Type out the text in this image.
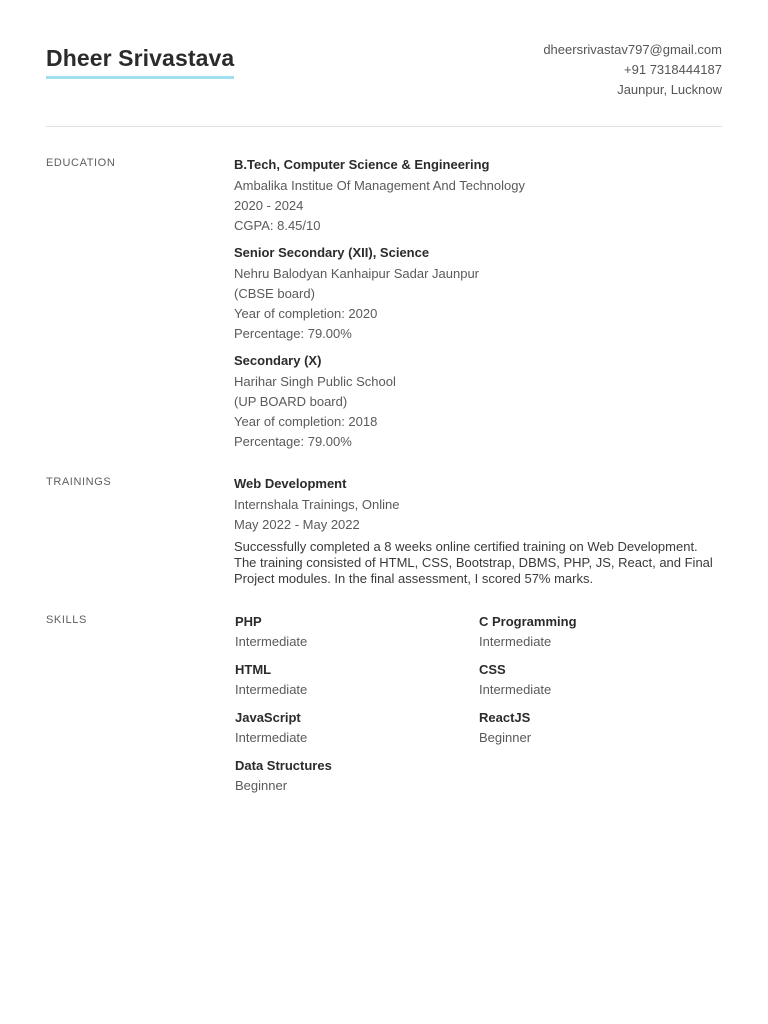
Dheer Srivastava	dheersrivastav797@gmail.com
+91 7318444187
Jaunpur, Lucknow
EDUCATION	B.Tech, Computer Science & Engineering
Ambalika Institue Of Management And Technology
2020 - 2024
CGPA: 8.45/10
Senior Secondary (XII), Science
Nehru Balodyan Kanhaipur Sadar Jaunpur
(CBSE board)
Year of completion: 2020
Percentage: 79.00%
Secondary (X)
Harihar Singh Public School
(UP BOARD board)
Year of completion: 2018
Percentage: 79.00%
TRAININGS	Web Development
Internshala Trainings, Online
May 2022 - May 2022
Successfully completed a 8 weeks online certified training on Web Development. The training consisted of HTML, CSS, Bootstrap, DBMS, PHP, JS, React, and Final Project modules. In the final assessment, I scored 57% marks.
SKILLS	PHP
Intermediate
C Programming
Intermediate
HTML
Intermediate
CSS
Intermediate
JavaScript
Intermediate
ReactJS
Beginner
Data Structures
Beginner
